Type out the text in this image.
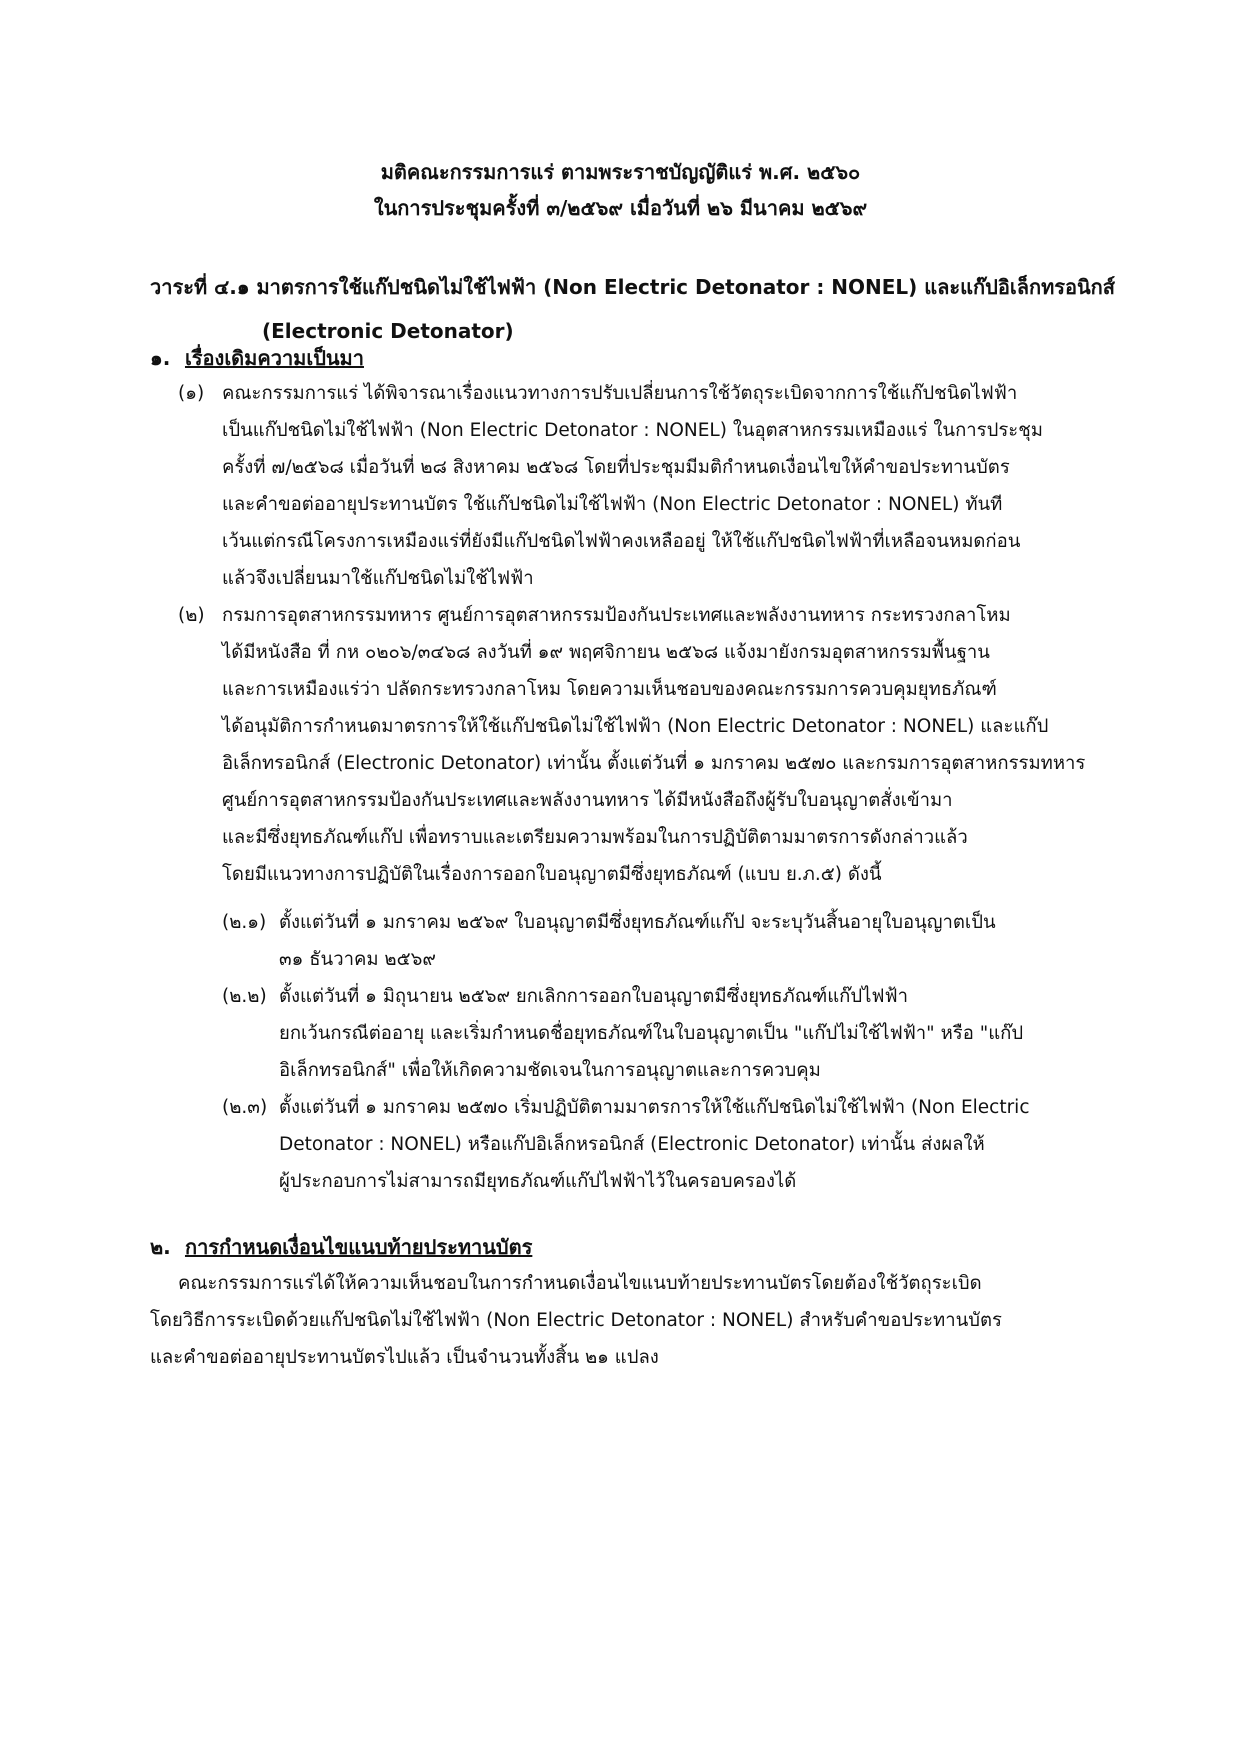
มติคณะกรรมการแร่ ตามพระราชบัญญัติแร่ พ.ศ. ๒๕๖๐
ในการประชุมครั้งที่ ๓/๒๕๖๙ เมื่อวันที่ ๒๖ มีนาคม ๒๕๖๙
วาระที่ ๔.๑ มาตรการใช้แก๊ปชนิดไม่ใช้ไฟฟ้า (Non Electric Detonator : NONEL) และแก๊ปอิเล็กทรอนิกส์
(Electronic Detonator)
๑. เรื่องเดิมความเป็นมา
(๑) คณะกรรมการแร่ ได้พิจารณาเรื่องแนวทางการปรับเปลี่ยนการใช้วัตถุระเบิดจากการใช้แก๊ปชนิดไฟฟ้า
เป็นแก๊ปชนิดไม่ใช้ไฟฟ้า (Non Electric Detonator : NONEL) ในอุตสาหกรรมเหมืองแร่ ในการประชุม
ครั้งที่ ๗/๒๕๖๘ เมื่อวันที่ ๒๘ สิงหาคม ๒๕๖๘ โดยที่ประชุมมีมติกำหนดเงื่อนไขให้คำขอประทานบัตร
และคำขอต่ออายุประทานบัตร ใช้แก๊ปชนิดไม่ใช้ไฟฟ้า (Non Electric Detonator : NONEL) ทันที
เว้นแต่กรณีโครงการเหมืองแร่ที่ยังมีแก๊ปชนิดไฟฟ้าคงเหลืออยู่ ให้ใช้แก๊ปชนิดไฟฟ้าที่เหลือจนหมดก่อน
แล้วจึงเปลี่ยนมาใช้แก๊ปชนิดไม่ใช้ไฟฟ้า
(๒) กรมการอุตสาหกรรมทหาร ศูนย์การอุตสาหกรรมป้องกันประเทศและพลังงานทหาร กระทรวงกลาโหม
ได้มีหนังสือ ที่ กห ๐๒๐๖/๓๔๖๘ ลงวันที่ ๑๙ พฤศจิกายน ๒๕๖๘ แจ้งมายังกรมอุตสาหกรรมพื้นฐาน
และการเหมืองแร่ว่า ปลัดกระทรวงกลาโหม โดยความเห็นชอบของคณะกรรมการควบคุมยุทธภัณฑ์
ได้อนุมัติการกำหนดมาตรการให้ใช้แก๊ปชนิดไม่ใช้ไฟฟ้า (Non Electric Detonator : NONEL) และแก๊ป
อิเล็กทรอนิกส์ (Electronic Detonator) เท่านั้น ตั้งแต่วันที่ ๑ มกราคม ๒๕๗๐ และกรมการอุตสาหกรรมทหาร
ศูนย์การอุตสาหกรรมป้องกันประเทศและพลังงานทหาร ได้มีหนังสือถึงผู้รับใบอนุญาตสั่งเข้ามา
และมีซึ่งยุทธภัณฑ์แก๊ป เพื่อทราบและเตรียมความพร้อมในการปฏิบัติตามมาตรการดังกล่าวแล้ว
โดยมีแนวทางการปฏิบัติในเรื่องการออกใบอนุญาตมีซึ่งยุทธภัณฑ์ (แบบ ย.ภ.๕) ดังนี้
(๒.๑) ตั้งแต่วันที่ ๑ มกราคม ๒๕๖๙ ใบอนุญาตมีซึ่งยุทธภัณฑ์แก๊ป จะระบุวันสิ้นอายุใบอนุญาตเป็น
๓๑ ธันวาคม ๒๕๖๙
(๒.๒) ตั้งแต่วันที่ ๑ มิถุนายน ๒๕๖๙ ยกเลิกการออกใบอนุญาตมีซึ่งยุทธภัณฑ์แก๊ปไฟฟ้า
ยกเว้นกรณีต่ออายุ และเริ่มกำหนดชื่อยุทธภัณฑ์ในใบอนุญาตเป็น "แก๊ปไม่ใช้ไฟฟ้า" หรือ "แก๊ป
อิเล็กทรอนิกส์" เพื่อให้เกิดความชัดเจนในการอนุญาตและการควบคุม
(๒.๓) ตั้งแต่วันที่ ๑ มกราคม ๒๕๗๐ เริ่มปฏิบัติตามมาตรการให้ใช้แก๊ปชนิดไม่ใช้ไฟฟ้า (Non Electric
Detonator : NONEL) หรือแก๊ปอิเล็กหรอนิกส์ (Electronic Detonator) เท่านั้น ส่งผลให้
ผู้ประกอบการไม่สามารถมียุทธภัณฑ์แก๊ปไฟฟ้าไว้ในครอบครองได้
๒. การกำหนดเงื่อนไขแนบท้ายประทานบัตร
คณะกรรมการแร่ได้ให้ความเห็นชอบในการกำหนดเงื่อนไขแนบท้ายประทานบัตรโดยต้องใช้วัตถุระเบิด
โดยวิธีการระเบิดด้วยแก๊ปชนิดไม่ใช้ไฟฟ้า (Non Electric Detonator : NONEL) สำหรับคำขอประทานบัตร
และคำขอต่ออายุประทานบัตรไปแล้ว เป็นจำนวนทั้งสิ้น ๒๑ แปลง
